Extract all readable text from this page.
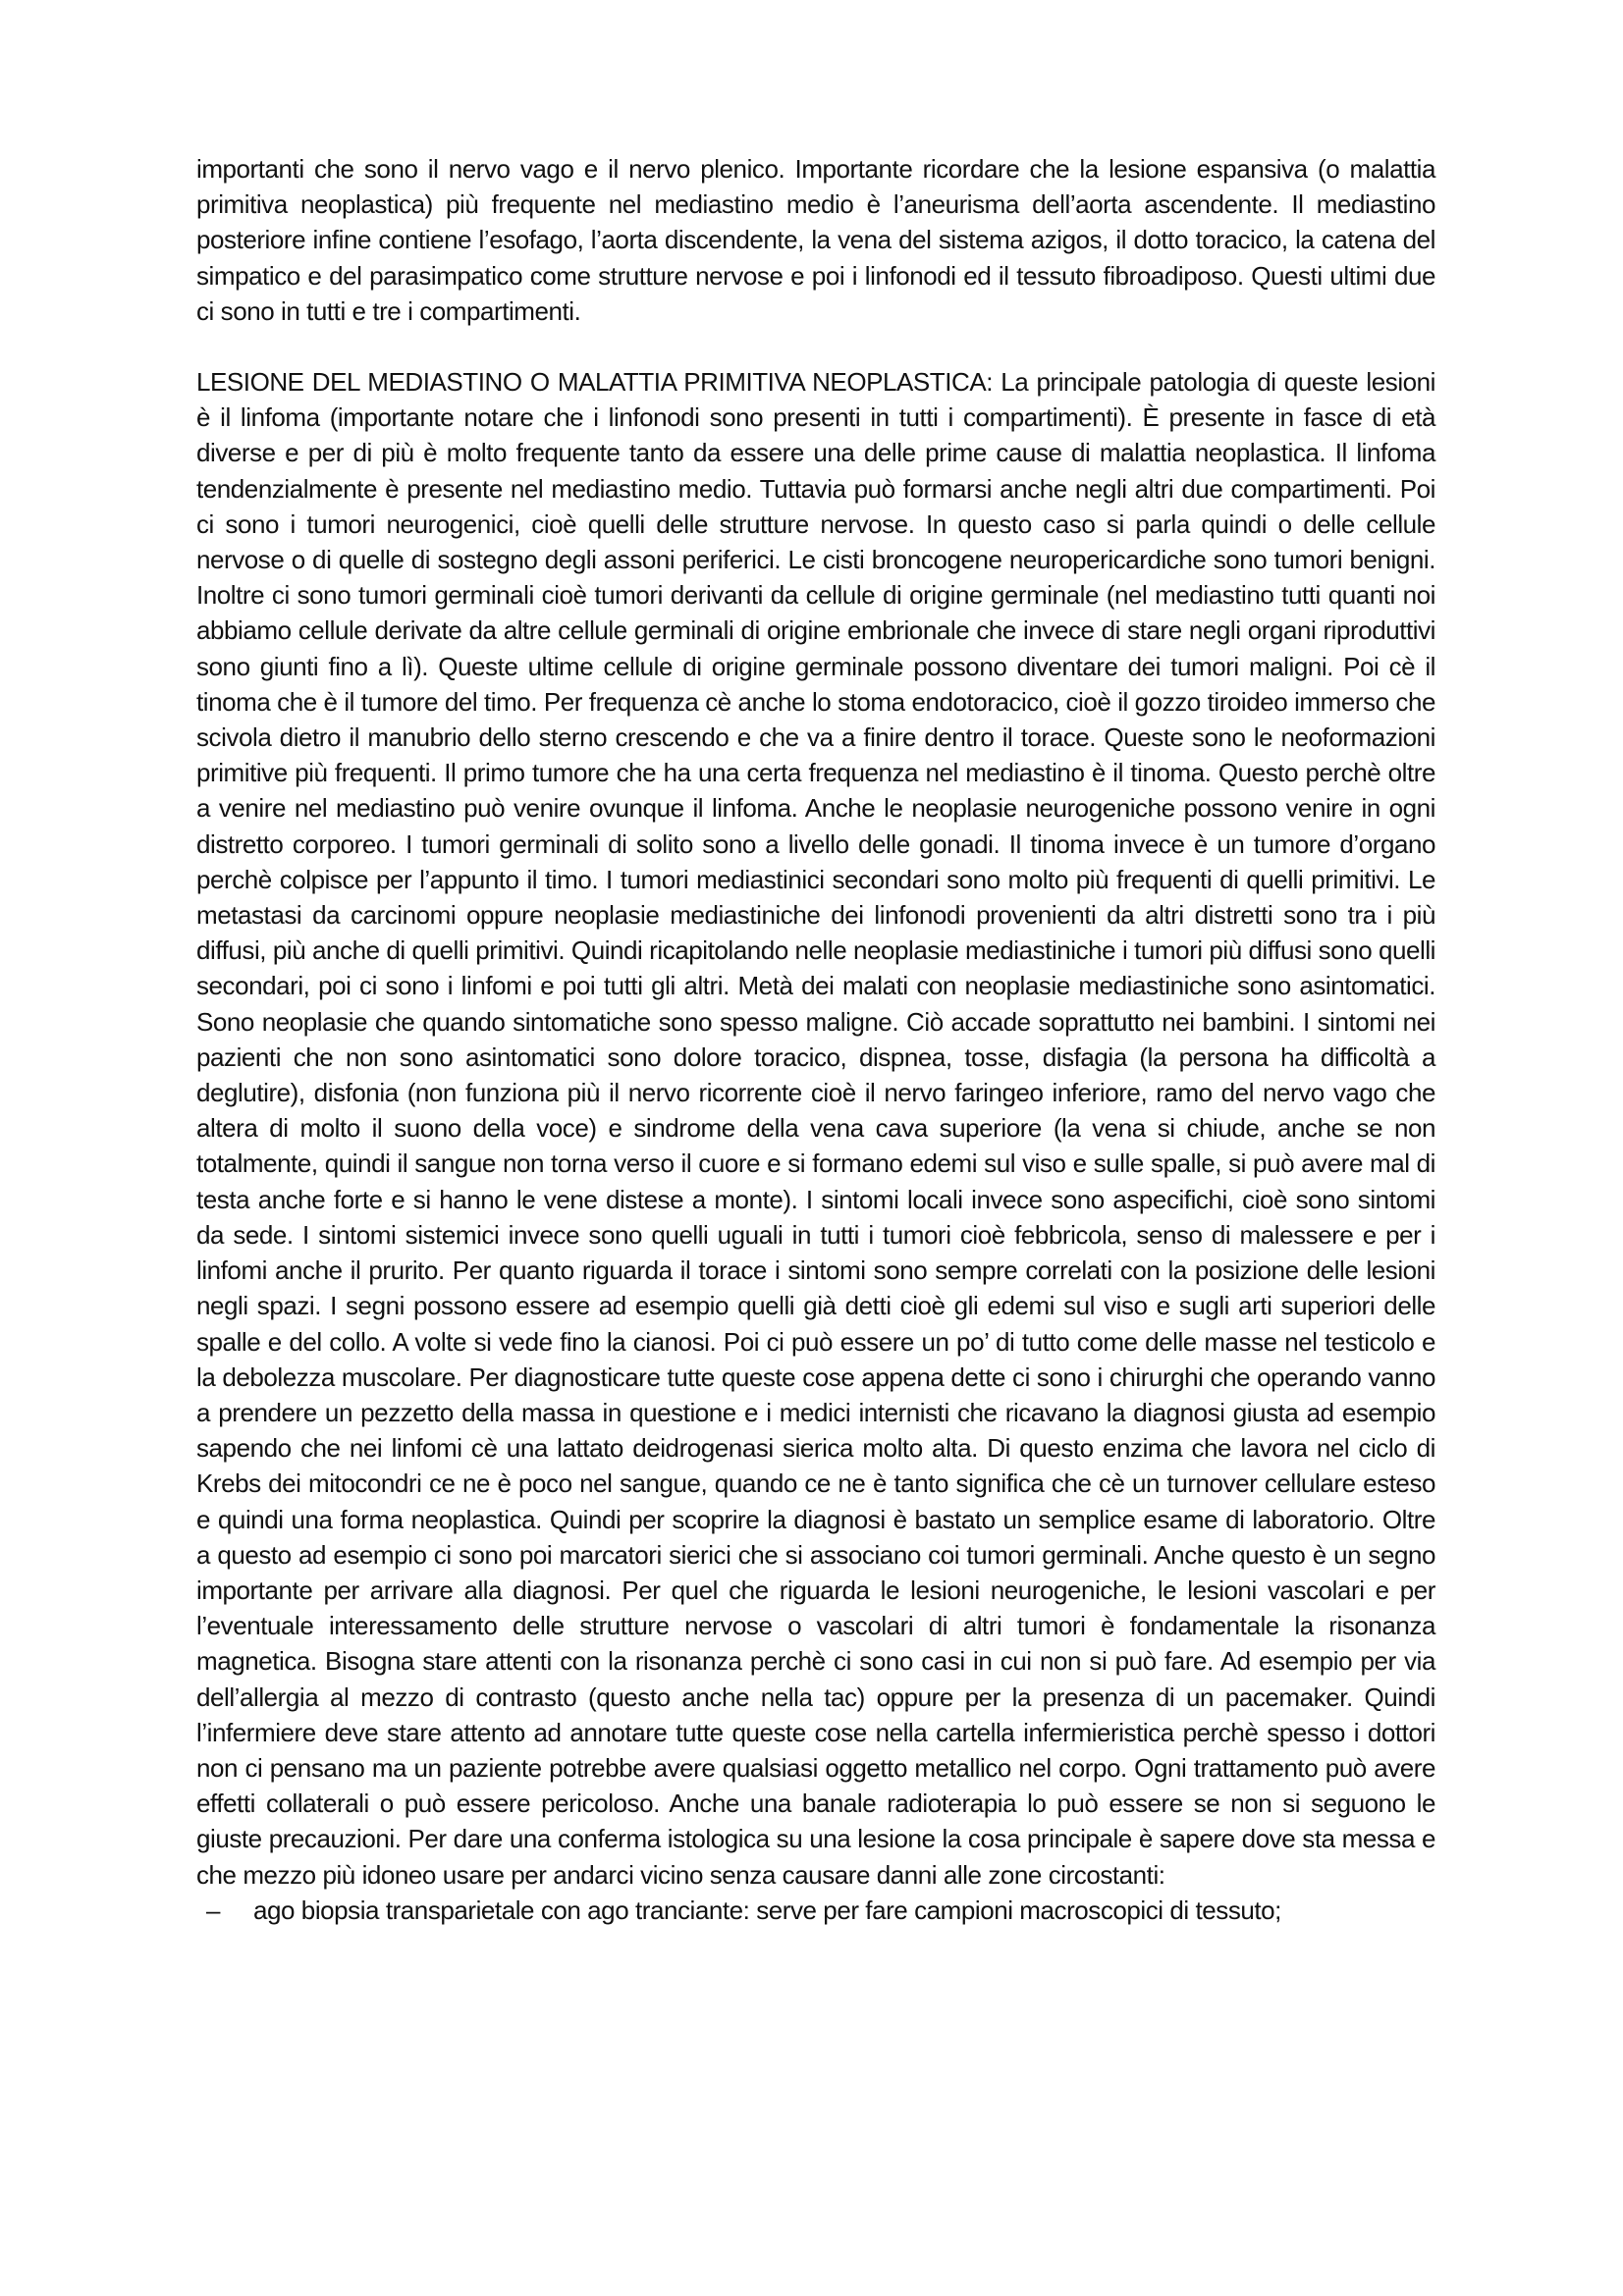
importanti che sono il nervo vago e il nervo plenico. Importante ricordare che la lesione espansiva (o malattia primitiva neoplastica) più frequente nel mediastino medio è l’aneurisma dell’aorta ascendente. Il mediastino posteriore infine contiene l’esofago, l’aorta discendente, la vena del sistema azigos, il dotto toracico, la catena del simpatico e del parasimpatico come strutture nervose e poi i linfonodi ed il tessuto fibroadiposo. Questi ultimi due ci sono in tutti e tre i compartimenti.

LESIONE DEL MEDIASTINO O MALATTIA PRIMITIVA NEOPLASTICA: La principale patologia di queste lesioni è il linfoma (importante notare che i linfonodi sono presenti in tutti i compartimenti). È presente in fasce di età diverse e per di più è molto frequente tanto da essere una delle prime cause di malattia neoplastica. Il linfoma tendenzialmente è presente nel mediastino medio. Tuttavia può formarsi anche negli altri due compartimenti. Poi ci sono i tumori neurogenici, cioè quelli delle strutture nervose. In questo caso si parla quindi o delle cellule nervose o di quelle di sostegno degli assoni periferici. Le cisti broncogene neuropericardiche sono tumori benigni. Inoltre ci sono tumori germinali cioè tumori derivanti da cellule di origine germinale (nel mediastino tutti quanti noi abbiamo cellule derivate da altre cellule germinali di origine embrionale che invece di stare negli organi riproduttivi sono giunti fino a lì). Queste ultime cellule di origine germinale possono diventare dei tumori maligni. Poi cè il tinoma che è il tumore del timo. Per frequenza cè anche lo stoma endotoracico, cioè il gozzo tiroideo immerso che scivola dietro il manubrio dello sterno crescendo e che va a finire dentro il torace. Queste sono le neoformazioni primitive più frequenti. Il primo tumore che ha una certa frequenza nel mediastino è il tinoma. Questo perchè oltre a venire nel mediastino può venire ovunque il linfoma. Anche le neoplasie neurogeniche possono venire in ogni distretto corporeo. I tumori germinali di solito sono a livello delle gonadi. Il tinoma invece è un tumore d’organo perchè colpisce per l’appunto il timo. I tumori mediastinici secondari sono molto più frequenti di quelli primitivi. Le metastasi da carcinomi oppure neoplasie mediastiniche dei linfonodi provenienti da altri distretti sono tra i più diffusi, più anche di quelli primitivi. Quindi ricapitolando nelle neoplasie mediastiniche i tumori più diffusi sono quelli secondari, poi ci sono i linfomi e poi tutti gli altri. Metà dei malati con neoplasie mediastiniche sono asintomatici. Sono neoplasie che quando sintomatiche sono spesso maligne. Ciò accade soprattutto nei bambini. I sintomi nei pazienti che non sono asintomatici sono dolore toracico, dispnea, tosse, disfagia (la persona ha difficoltà a deglutire), disfonia (non funziona più il nervo ricorrente cioè il nervo faringeo inferiore, ramo del nervo vago che altera di molto il suono della voce) e sindrome della vena cava superiore (la vena si chiude, anche se non totalmente, quindi il sangue non torna verso il cuore e si formano edemi sul viso e sulle spalle, si può avere mal di testa anche forte e si hanno le vene distese a monte). I sintomi locali invece sono aspecifichi, cioè sono sintomi da sede. I sintomi sistemici invece sono quelli uguali in tutti i tumori cioè febbricola, senso di malessere e per i linfomi anche il prurito. Per quanto riguarda il torace i sintomi sono sempre correlati con la posizione delle lesioni negli spazi. I segni possono essere ad esempio quelli già detti cioè gli edemi sul viso e sugli arti superiori delle spalle e del collo. A volte si vede fino la cianosi. Poi ci può essere un po’ di tutto come delle masse nel testicolo e la debolezza muscolare. Per diagnosticare tutte queste cose appena dette ci sono i chirurghi che operando vanno a prendere un pezzetto della massa in questione e i medici internisti che ricavano la diagnosi giusta ad esempio sapendo che nei linfomi cè una lattato deidrogenasi sierica molto alta. Di questo enzima che lavora nel ciclo di Krebs dei mitocondri ce ne è poco nel sangue, quando ce ne è tanto significa che cè un turnover cellulare esteso e quindi una forma neoplastica. Quindi per scoprire la diagnosi è bastato un semplice esame di laboratorio. Oltre a questo ad esempio ci sono poi marcatori sierici che si associano coi tumori germinali. Anche questo è un segno importante per arrivare alla diagnosi. Per quel che riguarda le lesioni neurogeniche, le lesioni vascolari e per l’eventuale interessamento delle strutture nervose o vascolari di altri tumori è fondamentale la risonanza magnetica. Bisogna stare attenti con la risonanza perchè ci sono casi in cui non si può fare. Ad esempio per via dell’allergia al mezzo di contrasto (questo anche nella tac) oppure per la presenza di un pacemaker. Quindi l’infermiere deve stare attento ad annotare tutte queste cose nella cartella infermieristica perchè spesso i dottori non ci pensano ma un paziente potrebbe avere qualsiasi oggetto metallico nel corpo. Ogni trattamento può avere effetti collaterali o può essere pericoloso. Anche una banale radioterapia lo può essere se non si seguono le giuste precauzioni. Per dare una conferma istologica su una lesione la cosa principale è sapere dove sta messa e che mezzo più idoneo usare per andarci vicino senza causare danni alle zone circostanti:

– ago biopsia transparietale con ago tranciante: serve per fare campioni macroscopici di tessuto;
